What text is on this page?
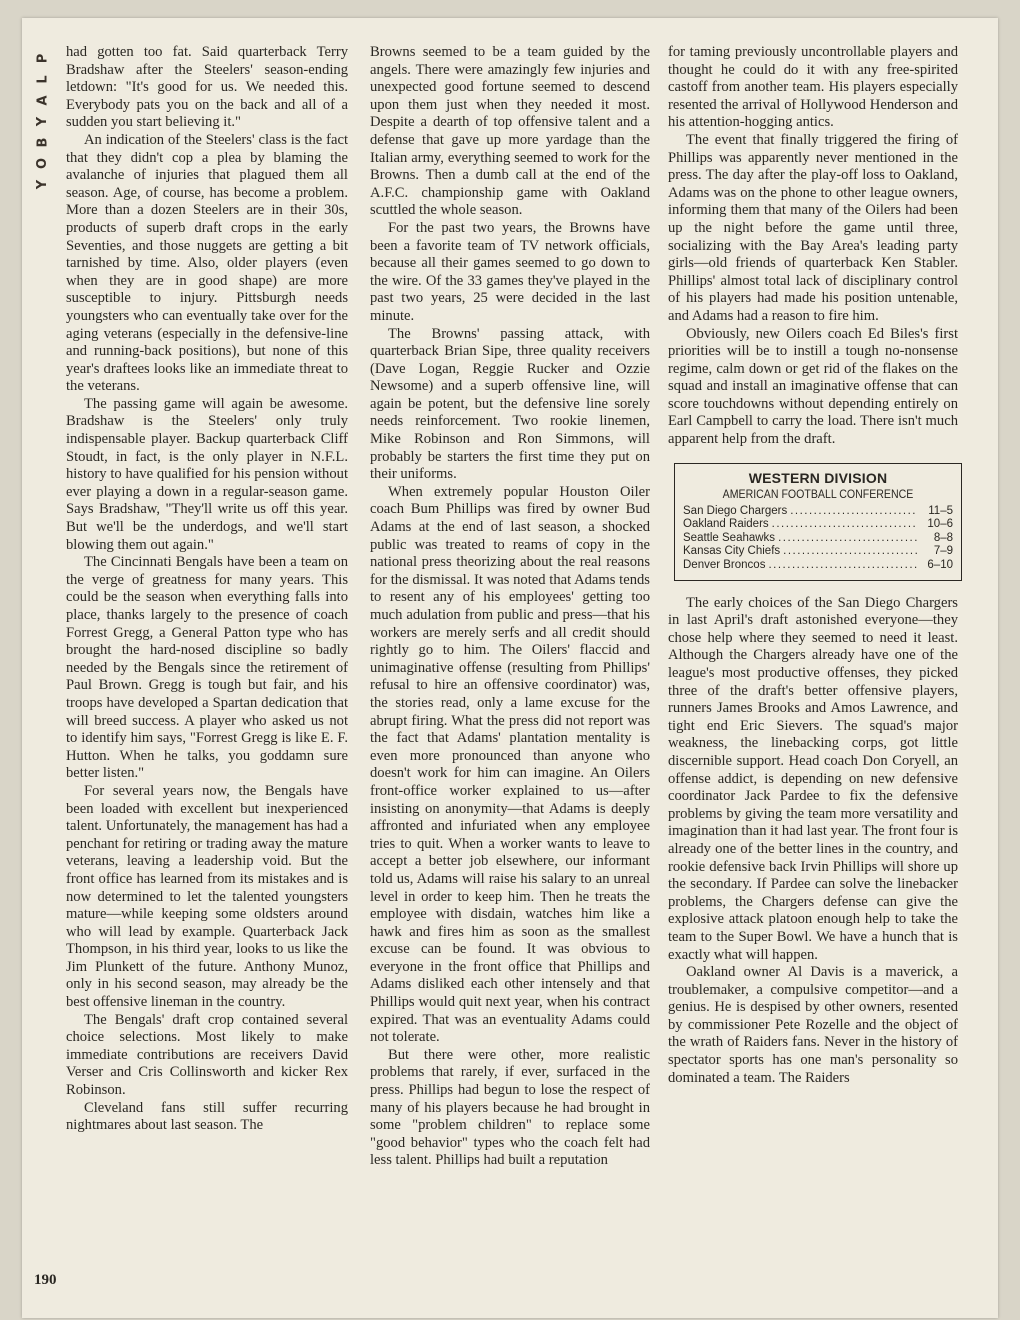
P
L
A
Y
B
O
Y

had gotten too fat. Said quarterback Terry Bradshaw after the Steelers' season-ending letdown: "It's good for us. We needed this. Everybody pats you on the back and all of a sudden you start believing it."

An indication of the Steelers' class is the fact that they didn't cop a plea by blaming the avalanche of injuries that plagued them all season. Age, of course, has become a problem. More than a dozen Steelers are in their 30s, products of superb draft crops in the early Seventies, and those nuggets are getting a bit tarnished by time. Also, older players (even when they are in good shape) are more susceptible to injury. Pittsburgh needs youngsters who can eventually take over for the aging veterans (especially in the defensive-line and running-back positions), but none of this year's draftees looks like an immediate threat to the veterans.

The passing game will again be awesome. Bradshaw is the Steelers' only truly indispensable player. Backup quarterback Cliff Stoudt, in fact, is the only player in N.F.L. history to have qualified for his pension without ever playing a down in a regular-season game. Says Bradshaw, "They'll write us off this year. But we'll be the underdogs, and we'll start blowing them out again."

The Cincinnati Bengals have been a team on the verge of greatness for many years. This could be the season when everything falls into place, thanks largely to the presence of coach Forrest Gregg, a General Patton type who has brought the hard-nosed discipline so badly needed by the Bengals since the retirement of Paul Brown. Gregg is tough but fair, and his troops have developed a Spartan dedication that will breed success. A player who asked us not to identify him says, "Forrest Gregg is like E. F. Hutton. When he talks, you goddamn sure better listen."

For several years now, the Bengals have been loaded with excellent but inexperienced talent. Unfortunately, the management has had a penchant for retiring or trading away the mature veterans, leaving a leadership void. But the front office has learned from its mistakes and is now determined to let the talented youngsters mature—while keeping some oldsters around who will lead by example. Quarterback Jack Thompson, in his third year, looks to us like the Jim Plunkett of the future. Anthony Munoz, only in his second season, may already be the best offensive lineman in the country.

The Bengals' draft crop contained several choice selections. Most likely to make immediate contributions are receivers David Verser and Cris Collinsworth and kicker Rex Robinson.

Cleveland fans still suffer recurring nightmares about last season. The

Browns seemed to be a team guided by the angels. There were amazingly few injuries and unexpected good fortune seemed to descend upon them just when they needed it most. Despite a dearth of top offensive talent and a defense that gave up more yardage than the Italian army, everything seemed to work for the Browns. Then a dumb call at the end of the A.F.C. championship game with Oakland scuttled the whole season.

For the past two years, the Browns have been a favorite team of TV network officials, because all their games seemed to go down to the wire. Of the 33 games they've played in the past two years, 25 were decided in the last minute.

The Browns' passing attack, with quarterback Brian Sipe, three quality receivers (Dave Logan, Reggie Rucker and Ozzie Newsome) and a superb offensive line, will again be potent, but the defensive line sorely needs reinforcement. Two rookie linemen, Mike Robinson and Ron Simmons, will probably be starters the first time they put on their uniforms.

When extremely popular Houston Oiler coach Bum Phillips was fired by owner Bud Adams at the end of last season, a shocked public was treated to reams of copy in the national press theorizing about the real reasons for the dismissal. It was noted that Adams tends to resent any of his employees' getting too much adulation from public and press—that his workers are merely serfs and all credit should rightly go to him. The Oilers' flaccid and unimaginative offense (resulting from Phillips' refusal to hire an offensive coordinator) was, the stories read, only a lame excuse for the abrupt firing. What the press did not report was the fact that Adams' plantation mentality is even more pronounced than anyone who doesn't work for him can imagine. An Oilers front-office worker explained to us—after insisting on anonymity—that Adams is deeply affronted and infuriated when any employee tries to quit. When a worker wants to leave to accept a better job elsewhere, our informant told us, Adams will raise his salary to an unreal level in order to keep him. Then he treats the employee with disdain, watches him like a hawk and fires him as soon as the smallest excuse can be found. It was obvious to everyone in the front office that Phillips and Adams disliked each other intensely and that Phillips would quit next year, when his contract expired. That was an eventuality Adams could not tolerate.

But there were other, more realistic problems that rarely, if ever, surfaced in the press. Phillips had begun to lose the respect of many of his players because he had brought in some "problem children" to replace some "good behavior" types who the coach felt had less talent. Phillips had built a reputation

for taming previously uncontrollable players and thought he could do it with any free-spirited castoff from another team. His players especially resented the arrival of Hollywood Henderson and his attention-hogging antics.

The event that finally triggered the firing of Phillips was apparently never mentioned in the press. The day after the play-off loss to Oakland, Adams was on the phone to other league owners, informing them that many of the Oilers had been up the night before the game until three, socializing with the Bay Area's leading party girls—old friends of quarterback Ken Stabler. Phillips' almost total lack of disciplinary control of his players had made his position untenable, and Adams had a reason to fire him.

Obviously, new Oilers coach Ed Biles's first priorities will be to instill a tough no-nonsense regime, calm down or get rid of the flakes on the squad and install an imaginative offense that can score touchdowns without depending entirely on Earl Campbell to carry the load. There isn't much apparent help from the draft.

WESTERN DIVISION
AMERICAN FOOTBALL CONFERENCE
San Diego Chargers .....	11–5
Oakland Raiders .....	10–6
Seattle Seahawks .....	8–8
Kansas City Chiefs .....	7–9
Denver Broncos .....	6–10

The early choices of the San Diego Chargers in last April's draft astonished everyone—they chose help where they seemed to need it least. Although the Chargers already have one of the league's most productive offenses, they picked three of the draft's better offensive players, runners James Brooks and Amos Lawrence, and tight end Eric Sievers. The squad's major weakness, the linebacking corps, got little discernible support. Head coach Don Coryell, an offense addict, is depending on new defensive coordinator Jack Pardee to fix the defensive problems by giving the team more versatility and imagination than it had last year. The front four is already one of the better lines in the country, and rookie defensive back Irvin Phillips will shore up the secondary. If Pardee can solve the linebacker problems, the Chargers defense can give the explosive attack platoon enough help to take the team to the Super Bowl. We have a hunch that is exactly what will happen.

Oakland owner Al Davis is a maverick, a troublemaker, a compulsive competitor—and a genius. He is despised by other owners, resented by commissioner Pete Rozelle and the object of the wrath of Raiders fans. Never in the history of spectator sports has one man's personality so dominated a team. The Raiders

190
